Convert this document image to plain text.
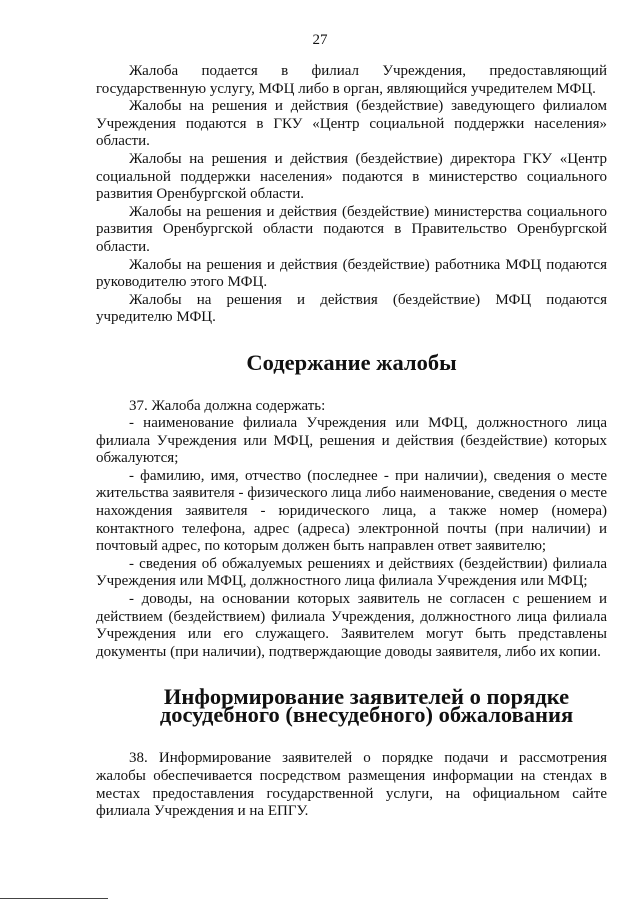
27

Жалоба подается в филиал Учреждения, предоставляющий государственную услугу, МФЦ либо в орган, являющийся учредителем МФЦ.

Жалобы на решения и действия (бездействие) заведующего филиалом Учреждения подаются в ГКУ «Центр социальной поддержки населения» области.

Жалобы на решения и действия (бездействие) директора ГКУ «Центр социальной поддержки населения» подаются в министерство социального развития Оренбургской области.

Жалобы на решения и действия (бездействие) министерства социального развития Оренбургской области подаются в Правительство Оренбургской области.

Жалобы на решения и действия (бездействие) работника МФЦ подаются руководителю этого МФЦ.

Жалобы на решения и действия (бездействие) МФЦ подаются учредителю МФЦ.

Содержание жалобы

37. Жалоба должна содержать:

- наименование филиала Учреждения или МФЦ, должностного лица филиала Учреждения или МФЦ, решения и действия (бездействие) которых обжалуются;

- фамилию, имя, отчество (последнее - при наличии), сведения о месте жительства заявителя - физического лица либо наименование, сведения о месте нахождения заявителя - юридического лица, а также номер (номера) контактного телефона, адрес (адреса) электронной почты (при наличии) и почтовый адрес, по которым должен быть направлен ответ заявителю;

- сведения об обжалуемых решениях и действиях (бездействии) филиала Учреждения или МФЦ, должностного лица филиала Учреждения или МФЦ;

- доводы, на основании которых заявитель не согласен с решением и действием (бездействием) филиала Учреждения, должностного лица филиала Учреждения или его служащего. Заявителем могут быть представлены документы (при наличии), подтверждающие доводы заявителя, либо их копии.

Информирование заявителей о порядке досудебного (внесудебного) обжалования

38. Информирование заявителей о порядке подачи и рассмотрения жалобы обеспечивается посредством размещения информации на стендах в местах предоставления государственной услуги, на официальном сайте филиала Учреждения и на ЕПГУ.
